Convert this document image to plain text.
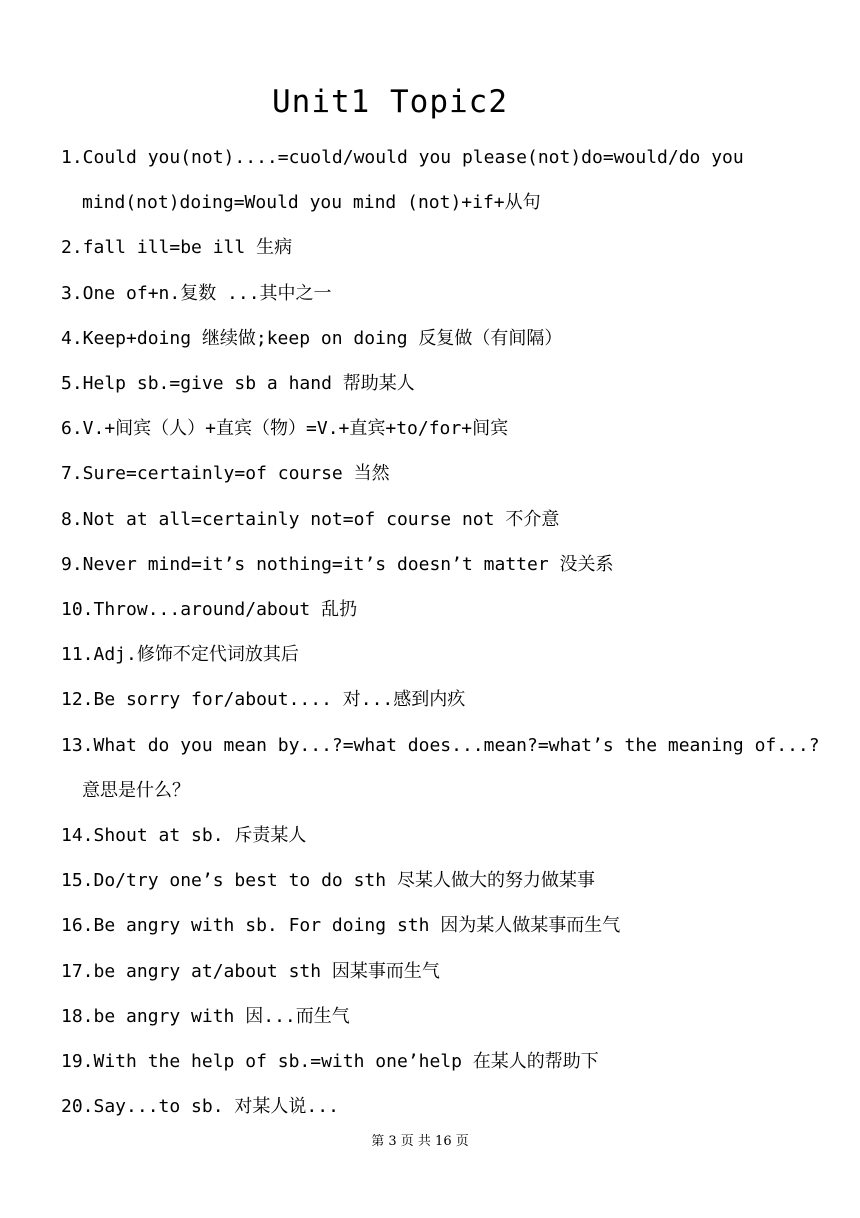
Unit1 Topic2
1.Could you(not)....=cuold/would you please(not)do=would/do you
mind(not)doing=Would you mind (not)+if+从句
2.fall ill=be ill 生病
3.One of+n.复数 ...其中之一
4.Keep+doing 继续做;keep on doing 反复做（有间隔）
5.Help sb.=give sb a hand 帮助某人
6.V.+间宾（人）+直宾（物）=V.+直宾+to/for+间宾
7.Sure=certainly=of course 当然
8.Not at all=certainly not=of course not 不介意
9.Never mind=it’s nothing=it’s doesn’t matter 没关系
10.Throw...around/about 乱扔
11.Adj.修饰不定代词放其后
12.Be sorry for/about.... 对...感到内疚
13.What do you mean by...?=what does...mean?=what’s the meaning of...?
意思是什么？
14.Shout at sb. 斥责某人
15.Do/try one’s best to do sth 尽某人做大的努力做某事
16.Be angry with sb. For doing sth 因为某人做某事而生气
17.be angry at/about sth 因某事而生气
18.be angry with 因...而生气
19.With the help of sb.=with one’help 在某人的帮助下
20.Say...to sb. 对某人说...
第 3 页 共 16 页
